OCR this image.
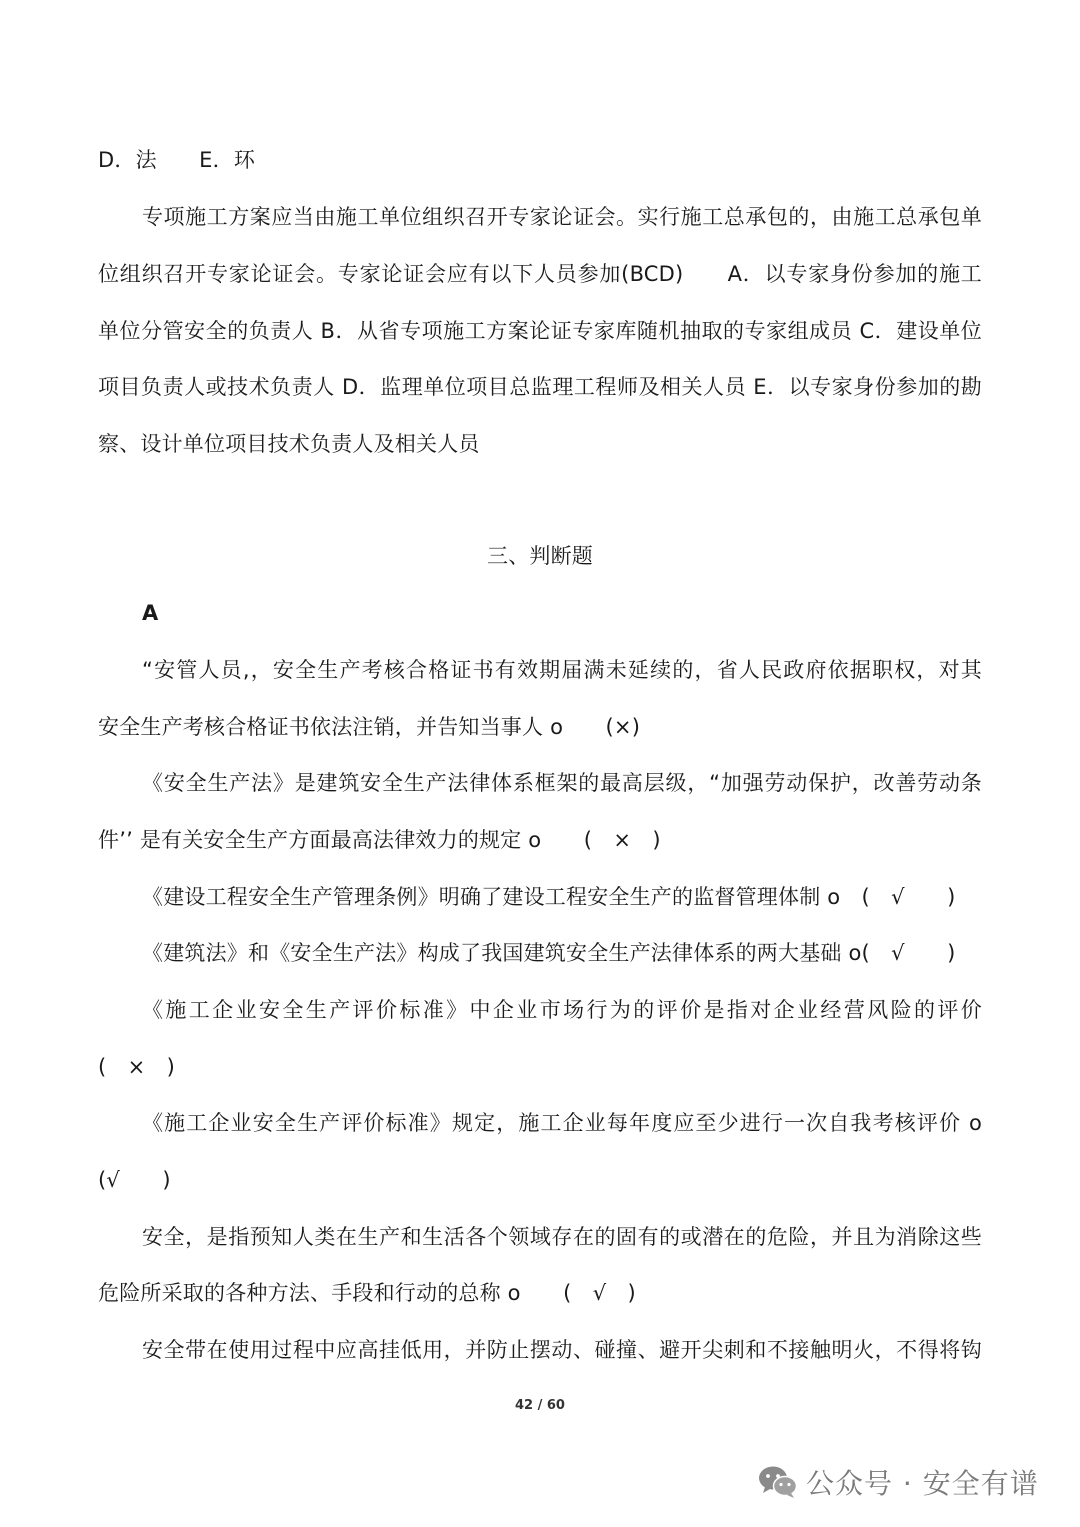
D．法　　E．环
专项施工方案应当由施工单位组织召开专家论证会。实行施工总承包的，由施工总承包单
位组织召开专家论证会。专家论证会应有以下人员参加(BCD)　　A．以专家身份参加的施工
单位分管安全的负责人 B．从省专项施工方案论证专家库随机抽取的专家组成员 C．建设单位
项目负责人或技术负责人 D．监理单位项目总监理工程师及相关人员 E．以专家身份参加的勘
察、设计单位项目技术负责人及相关人员
三、判断题
A
“安管人员,，安全生产考核合格证书有效期届满未延续的，省人民政府依据职权，对其
安全生产考核合格证书依法注销，并告知当事人 o　　(×)
《安全生产法》是建筑安全生产法律体系框架的最高层级，“加强劳动保护，改善劳动条
件’’ 是有关安全生产方面最高法律效力的规定 o　　(　×　)
《建设工程安全生产管理条例》明确了建设工程安全生产的监督管理体制 o　(　√　　)
《建筑法》和《安全生产法》构成了我国建筑安全生产法律体系的两大基础 o(　√　　)
《施工企业安全生产评价标准》中企业市场行为的评价是指对企业经营风险的评价
(　×　)
《施工企业安全生产评价标准》规定，施工企业每年度应至少进行一次自我考核评价 o
(√　　)
安全，是指预知人类在生产和生活各个领域存在的固有的或潜在的危险，并且为消除这些
危险所采取的各种方法、手段和行动的总称 o　　(　√　)
安全带在使用过程中应高挂低用，并防止摆动、碰撞、避开尖刺和不接触明火，不得将钩
42 / 60
公众号 · 安全有谱
